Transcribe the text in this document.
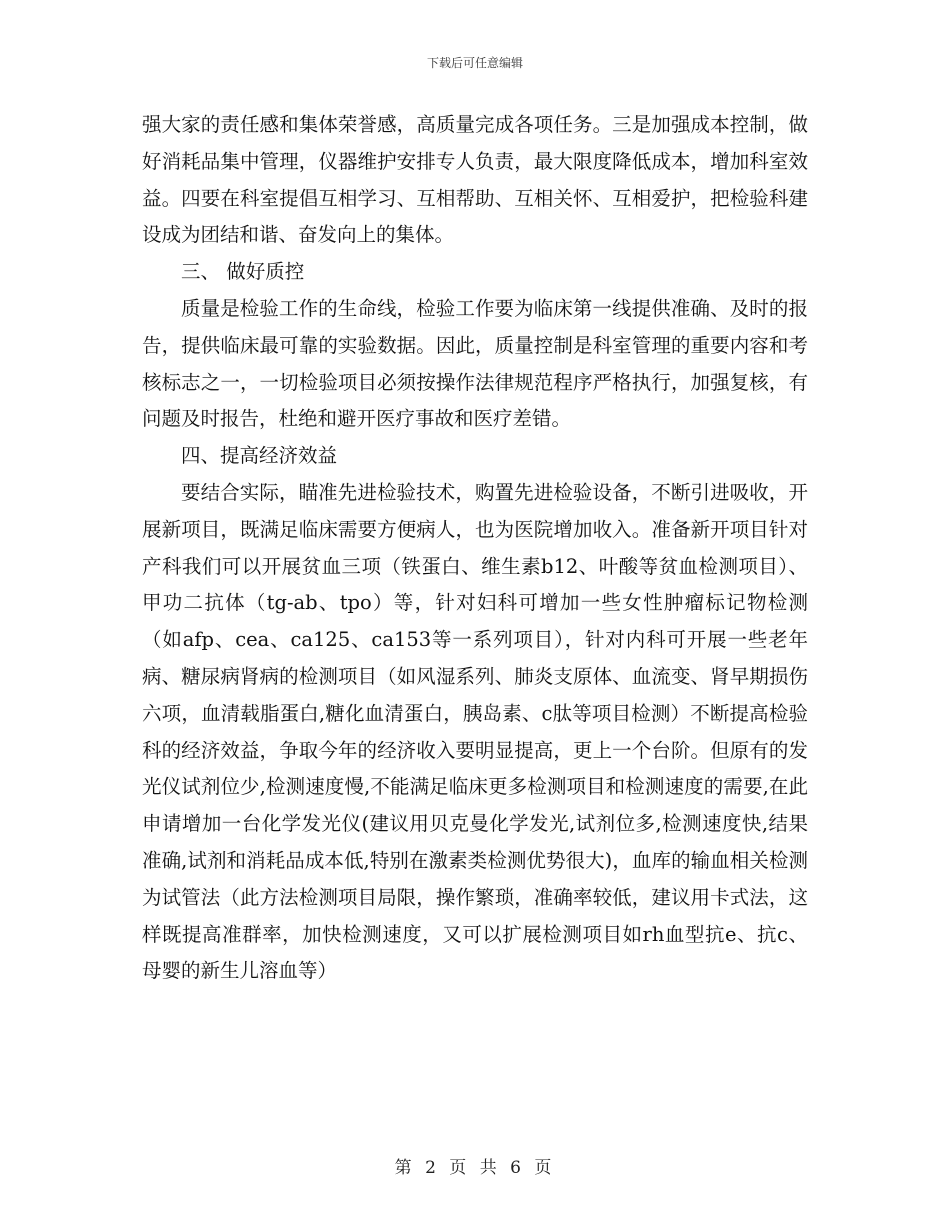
下载后可任意编辑

强大家的责任感和集体荣誉感，高质量完成各项任务。三是加强成本控制，做好消耗品集中管理，仪器维护安排专人负责，最大限度降低成本，增加科室效益。四要在科室提倡互相学习、互相帮助、互相关怀、互相爱护，把检验科建设成为团结和谐、奋发向上的集体。

三、 做好质控

质量是检验工作的生命线，检验工作要为临床第一线提供准确、及时的报告，提供临床最可靠的实验数据。因此，质量控制是科室管理的重要内容和考核标志之一，一切检验项目必须按操作法律规范程序严格执行，加强复核，有问题及时报告，杜绝和避开医疗事故和医疗差错。

四、提高经济效益

要结合实际，瞄准先进检验技术，购置先进检验设备，不断引进吸收，开展新项目，既满足临床需要方便病人，也为医院增加收入。准备新开项目针对产科我们可以开展贫血三项（铁蛋白、维生素b12、叶酸等贫血检测项目）、甲功二抗体（tg-ab、tpo）等，针对妇科可增加一些女性肿瘤标记物检测（如afp、cea、ca125、ca153等一系列项目），针对内科可开展一些老年病、糖尿病肾病的检测项目（如风湿系列、肺炎支原体、血流变、肾早期损伤六项，血清载脂蛋白,糖化血清蛋白，胰岛素、c肽等项目检测）不断提高检验科的经济效益，争取今年的经济收入要明显提高，更上一个台阶。但原有的发光仪试剂位少,检测速度慢,不能满足临床更多检测项目和检测速度的需要,在此申请增加一台化学发光仪(建议用贝克曼化学发光,试剂位多,检测速度快,结果准确,试剂和消耗品成本低,特别在激素类检测优势很大)，血库的输血相关检测为试管法（此方法检测项目局限，操作繁琐，准确率较低，建议用卡式法，这样既提高准群率，加快检测速度，又可以扩展检测项目如rh血型抗e、抗c、母婴的新生儿溶血等）

第 2 页 共 6 页
